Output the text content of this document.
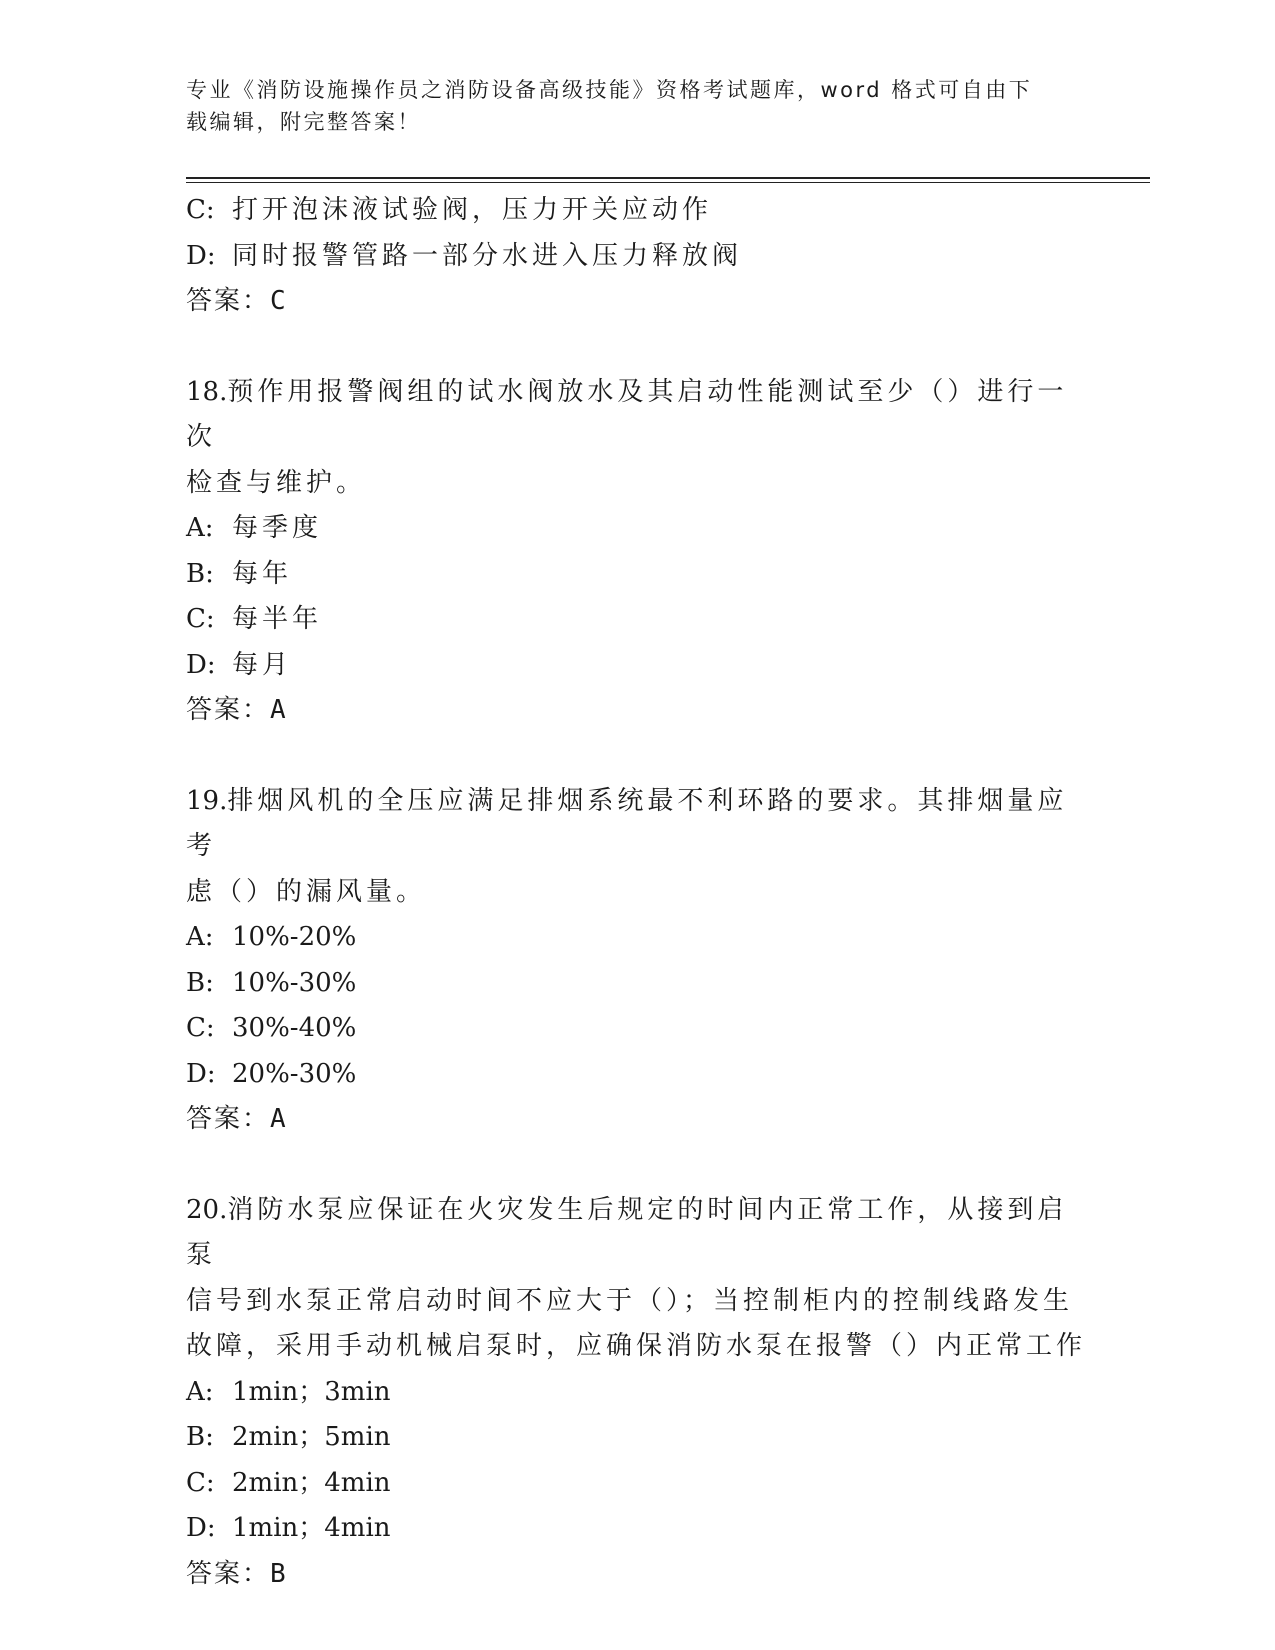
专业《消防设施操作员之消防设备高级技能》资格考试题库，word 格式可自由下
载编辑，附完整答案！
C: 打开泡沫液试验阀，压力开关应动作
D: 同时报警管路一部分水进入压力释放阀
答案：C
18.预作用报警阀组的试水阀放水及其启动性能测试至少（）进行一次
检查与维护。
A: 每季度
B: 每年
C: 每半年
D: 每月
答案：A
19.排烟风机的全压应满足排烟系统最不利环路的要求。其排烟量应考
虑（）的漏风量。
A: 10%-20%
B: 10%-30%
C: 30%-40%
D: 20%-30%
答案：A
20.消防水泵应保证在火灾发生后规定的时间内正常工作，从接到启泵
信号到水泵正常启动时间不应大于（）；当控制柜内的控制线路发生
故障，采用手动机械启泵时，应确保消防水泵在报警（）内正常工作
A: 1min；3min
B: 2min；5min
C: 2min；4min
D: 1min；4min
答案：B
